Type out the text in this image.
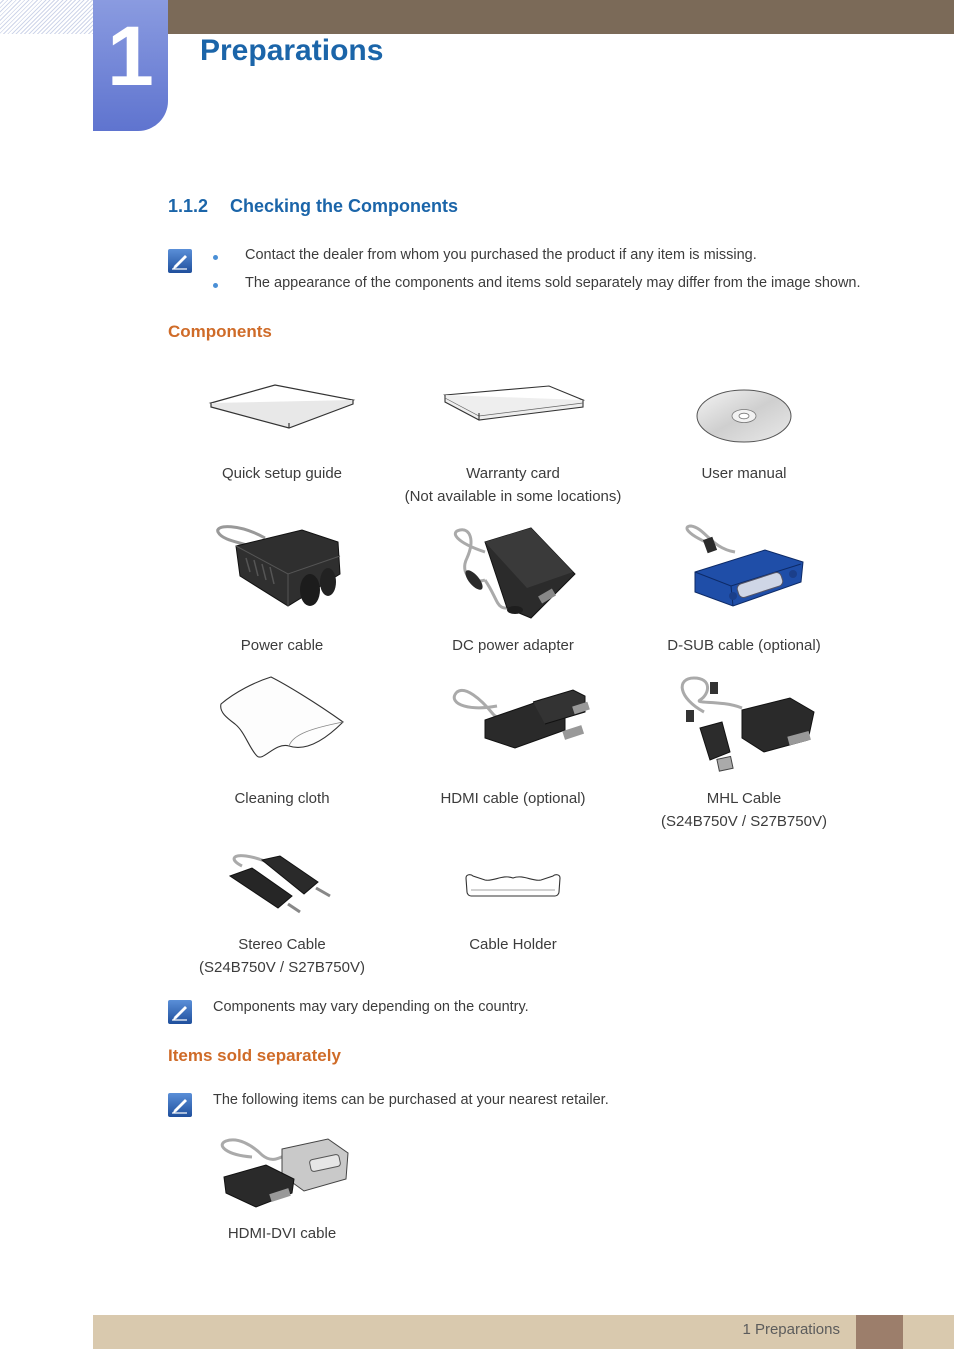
1	Preparations
1.1.2 Checking the Components
Contact the dealer from whom you purchased the product if any item is missing.
The appearance of the components and items sold separately may differ from the image shown.
Components
Quick setup guide	Warranty card
(Not available in some locations)
User manual
Power cable	DC power adapter	D-SUB cable (optional)
Cleaning cloth	HDMI cable (optional)	MHL Cable
(S24B750V / S27B750V)
Stereo Cable
(S24B750V / S27B750V)
Cable Holder
Components may vary depending on the country.
Items sold separately
The following items can be purchased at your nearest retailer.
HDMI-DVI cable
1 Preparations
